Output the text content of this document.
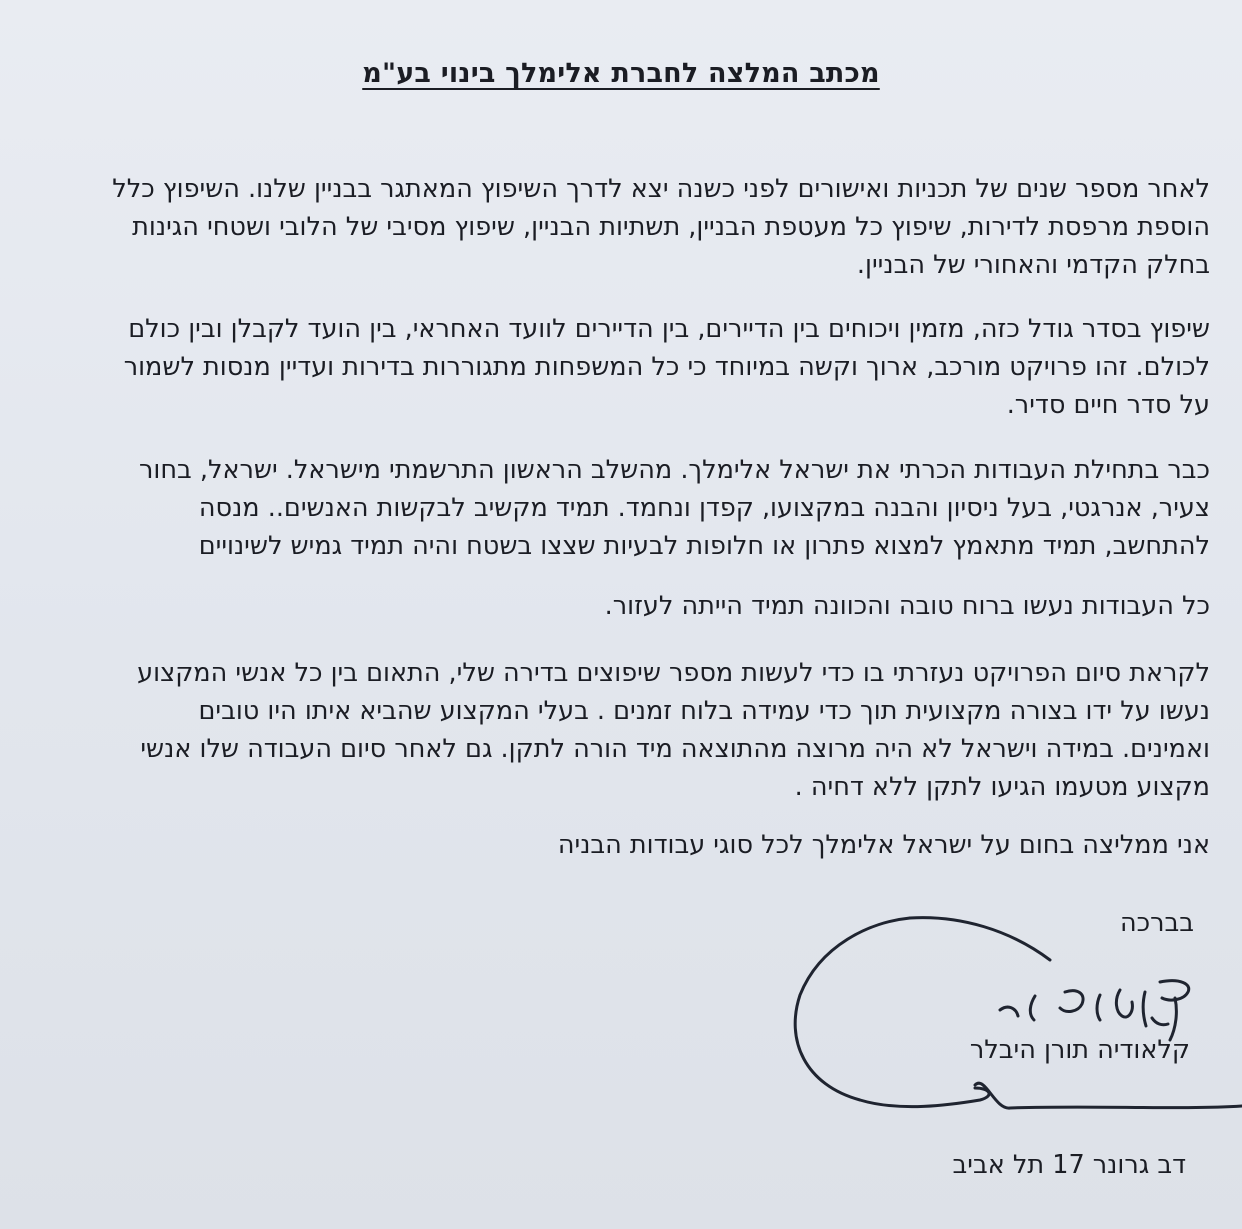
מכתב המלצה לחברת אלימלך בינוי בע"מ

לאחר מספר שנים של תכניות ואישורים לפני כשנה יצא לדרך השיפוץ המאתגר בבניין שלנו. השיפוץ כלל
הוספת מרפסת לדירות, שיפוץ כל מעטפת הבניין, תשתיות הבניין, שיפוץ מסיבי של הלובי ושטחי הגינות
בחלק הקדמי והאחורי של הבניין.

שיפוץ בסדר גודל כזה, מזמין ויכוחים בין הדיירים, בין הדיירים לוועד האחראי, בין הועד לקבלן ובין כולם
לכולם. זהו פרויקט מורכב, ארוך וקשה במיוחד כי כל המשפחות מתגוררות בדירות ועדיין מנסות לשמור
על סדר חיים סדיר.

כבר בתחילת העבודות הכרתי את ישראל אלימלך. מהשלב הראשון התרשמתי מישראל. ישראל, בחור
צעיר, אנרגטי, בעל ניסיון והבנה במקצועו, קפדן ונחמד. תמיד מקשיב לבקשות האנשים.. מנסה
להתחשב, תמיד מתאמץ למצוא פתרון או חלופות לבעיות שצצו בשטח והיה תמיד גמיש לשינויים

כל העבודות נעשו ברוח טובה והכוונה תמיד הייתה לעזור.

לקראת סיום הפרויקט נעזרתי בו כדי לעשות מספר שיפוצים בדירה שלי, התאום בין כל אנשי המקצוע
נעשו על ידו בצורה מקצועית תוך כדי עמידה בלוח זמנים . בעלי המקצוע שהביא איתו היו טובים
ואמינים. במידה וישראל לא היה מרוצה מהתוצאה מיד הורה לתקן. גם לאחר סיום העבודה שלו אנשי
מקצוע מטעמו הגיעו לתקן ללא דחיה .

אני ממליצה בחום על ישראל אלימלך לכל סוגי עבודות הבניה

בברכה
קלאודיה תורן היבלר
דב גרונר 17 תל אביב
